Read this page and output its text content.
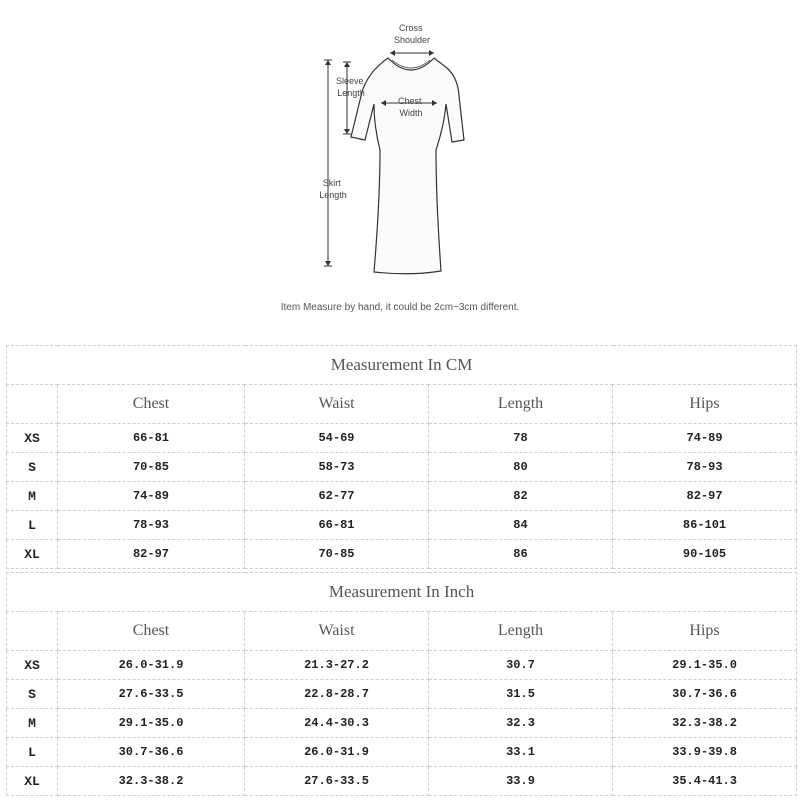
Cross Shoulder
Sleeve Length
Chest Width
Skirt Length
Item Measure by hand, it could be 2cm~3cm different.
Measurement In CM				
	Chest	Waist	Length	Hips
XS	66-81	54-69	78	74-89
S	70-85	58-73	80	78-93
M	74-89	62-77	82	82-97
L	78-93	66-81	84	86-101
XL	82-97	70-85	86	90-105
Measurement In Inch				
	Chest	Waist	Length	Hips
XS	26.0-31.9	21.3-27.2	30.7	29.1-35.0
S	27.6-33.5	22.8-28.7	31.5	30.7-36.6
M	29.1-35.0	24.4-30.3	32.3	32.3-38.2
L	30.7-36.6	26.0-31.9	33.1	33.9-39.8
XL	32.3-38.2	27.6-33.5	33.9	35.4-41.3
